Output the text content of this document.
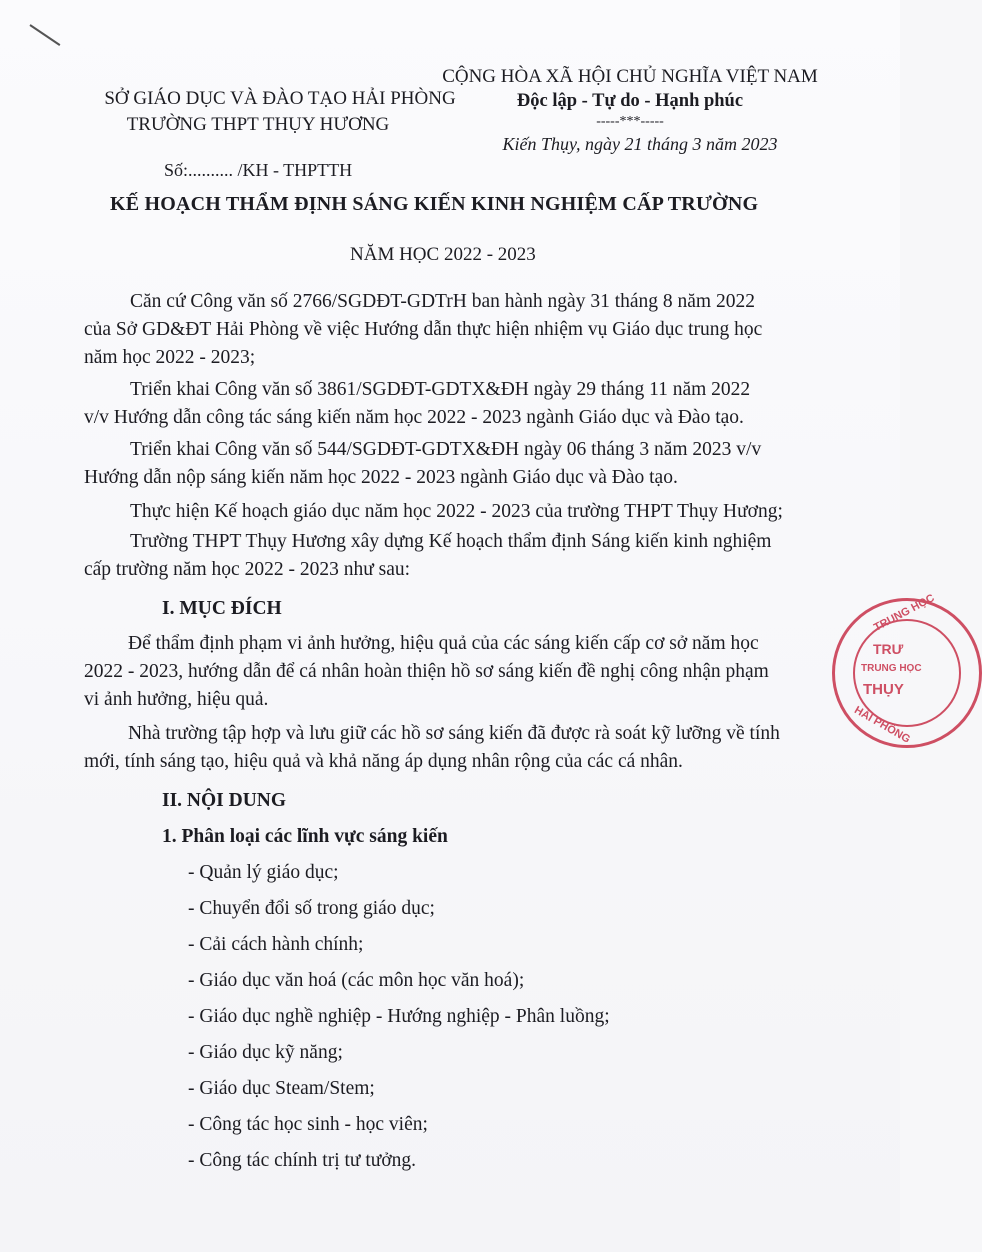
SỞ GIÁO DỤC VÀ ĐÀO TẠO HẢI PHÒNG
TRƯỜNG THPT THỤY HƯƠNG
Số:.......... /KH - THPTTH
CỘNG HÒA XÃ HỘI CHỦ NGHĨA VIỆT NAM
Độc lập - Tự do - Hạnh phúc
-----***-----
Kiến Thụy, ngày 21 tháng 3 năm 2023
KẾ HOẠCH THẨM ĐỊNH SÁNG KIẾN KINH NGHIỆM CẤP TRƯỜNG
NĂM HỌC 2022 - 2023
Căn cứ Công văn số 2766/SGDĐT-GDTrH ban hành ngày 31 tháng 8 năm 2022
của Sở GD&ĐT Hải Phòng về việc Hướng dẫn thực hiện nhiệm vụ Giáo dục trung học
năm học 2022 - 2023;
Triển khai Công văn số 3861/SGDĐT-GDTX&ĐH ngày 29 tháng 11 năm 2022
v/v Hướng dẫn công tác sáng kiến năm học 2022 - 2023 ngành Giáo dục và Đào tạo.
Triển khai Công văn số 544/SGDĐT-GDTX&ĐH ngày 06 tháng 3 năm 2023 v/v
Hướng dẫn nộp sáng kiến năm học 2022 - 2023 ngành Giáo dục và Đào tạo.
Thực hiện Kế hoạch giáo dục năm học 2022 - 2023 của trường THPT Thụy Hương;
Trường THPT Thụy Hương xây dựng Kế hoạch thẩm định Sáng kiến kinh nghiệm
cấp trường năm học 2022 - 2023 như sau:
I. MỤC ĐÍCH
Để thẩm định phạm vi ảnh hưởng, hiệu quả của các sáng kiến cấp cơ sở năm học
2022 - 2023, hướng dẫn để cá nhân hoàn thiện hồ sơ sáng kiến đề nghị công nhận phạm
vi ảnh hưởng, hiệu quả.
Nhà trường tập hợp và lưu giữ các hồ sơ sáng kiến đã được rà soát kỹ lưỡng về tính
mới, tính sáng tạo, hiệu quả và khả năng áp dụng nhân rộng của các cá nhân.
II. NỘI DUNG
1. Phân loại các lĩnh vực sáng kiến
- Quản lý giáo dục;
- Chuyển đổi số trong giáo dục;
- Cải cách hành chính;
- Giáo dục văn hoá (các môn học văn hoá);
- Giáo dục nghề nghiệp - Hướng nghiệp - Phân luồng;
- Giáo dục kỹ năng;
- Giáo dục Steam/Stem;
- Công tác học sinh - học viên;
- Công tác chính trị tư tưởng.
TRUNG HỌC
TRƯ
TRUNG HỌC
THỤY
HẢI PHÒNG
